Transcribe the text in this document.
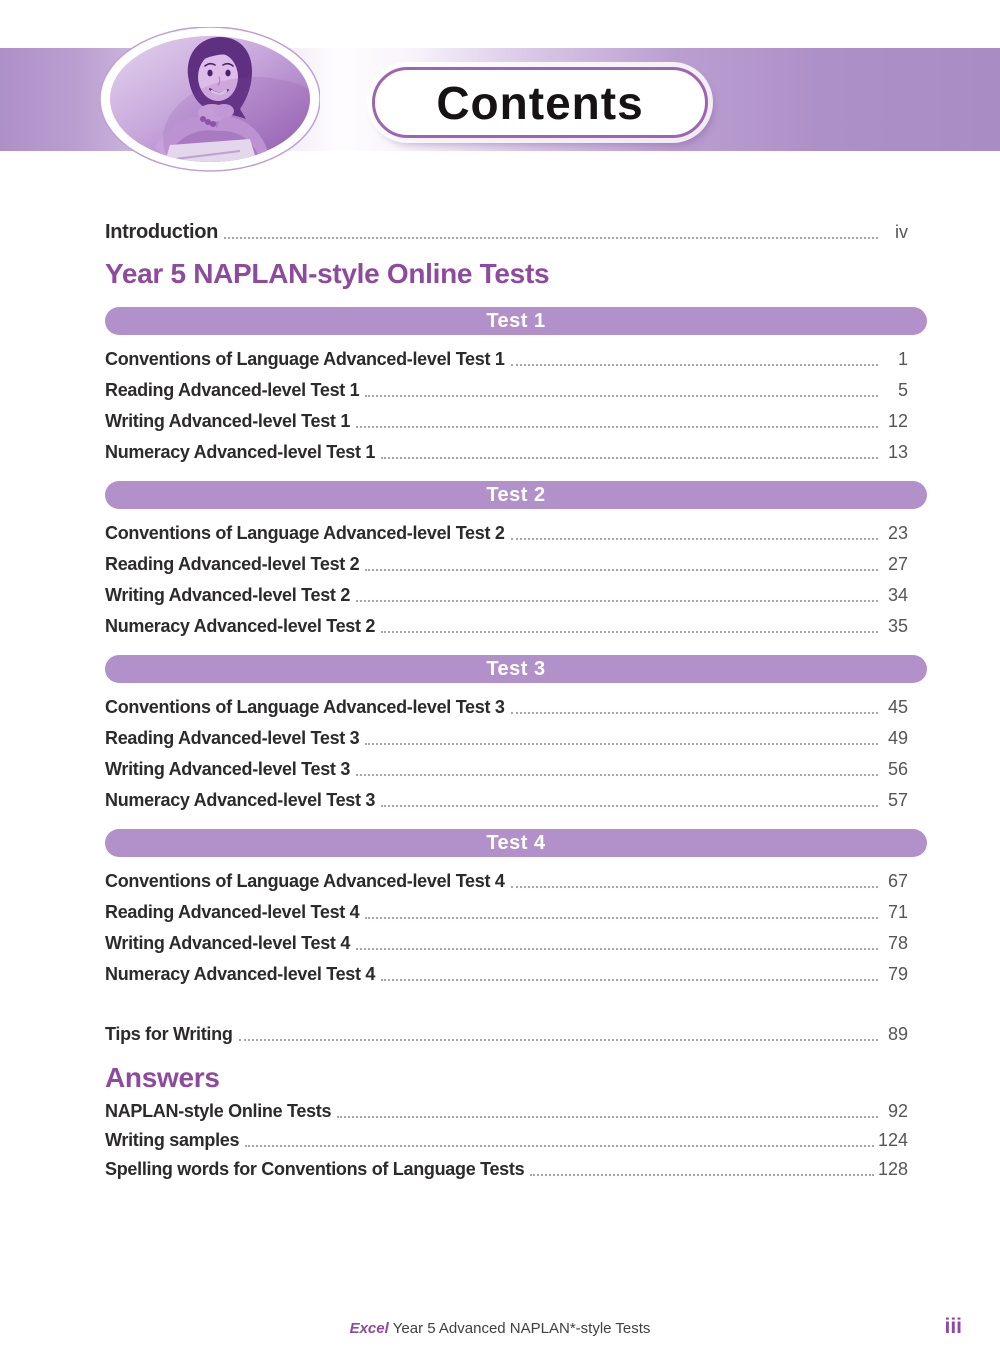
Contents
Introduction	iv
Year 5 NAPLAN-style Online Tests
Test 1
Conventions of Language Advanced-level Test 1	1
Reading Advanced-level Test 1	5
Writing Advanced-level Test 1	12
Numeracy Advanced-level Test 1	13
Test 2
Conventions of Language Advanced-level Test 2	23
Reading Advanced-level Test 2	27
Writing Advanced-level Test 2	34
Numeracy Advanced-level Test 2	35
Test 3
Conventions of Language Advanced-level Test 3	45
Reading Advanced-level Test 3	49
Writing Advanced-level Test 3	56
Numeracy Advanced-level Test 3	57
Test 4
Conventions of Language Advanced-level Test 4	67
Reading Advanced-level Test 4	71
Writing Advanced-level Test 4	78
Numeracy Advanced-level Test 4	79
Tips for Writing	89
Answers
NAPLAN-style Online Tests	92
Writing samples	124
Spelling words for Conventions of Language Tests	128
Excel Year 5 Advanced NAPLAN*-style Tests	iii
